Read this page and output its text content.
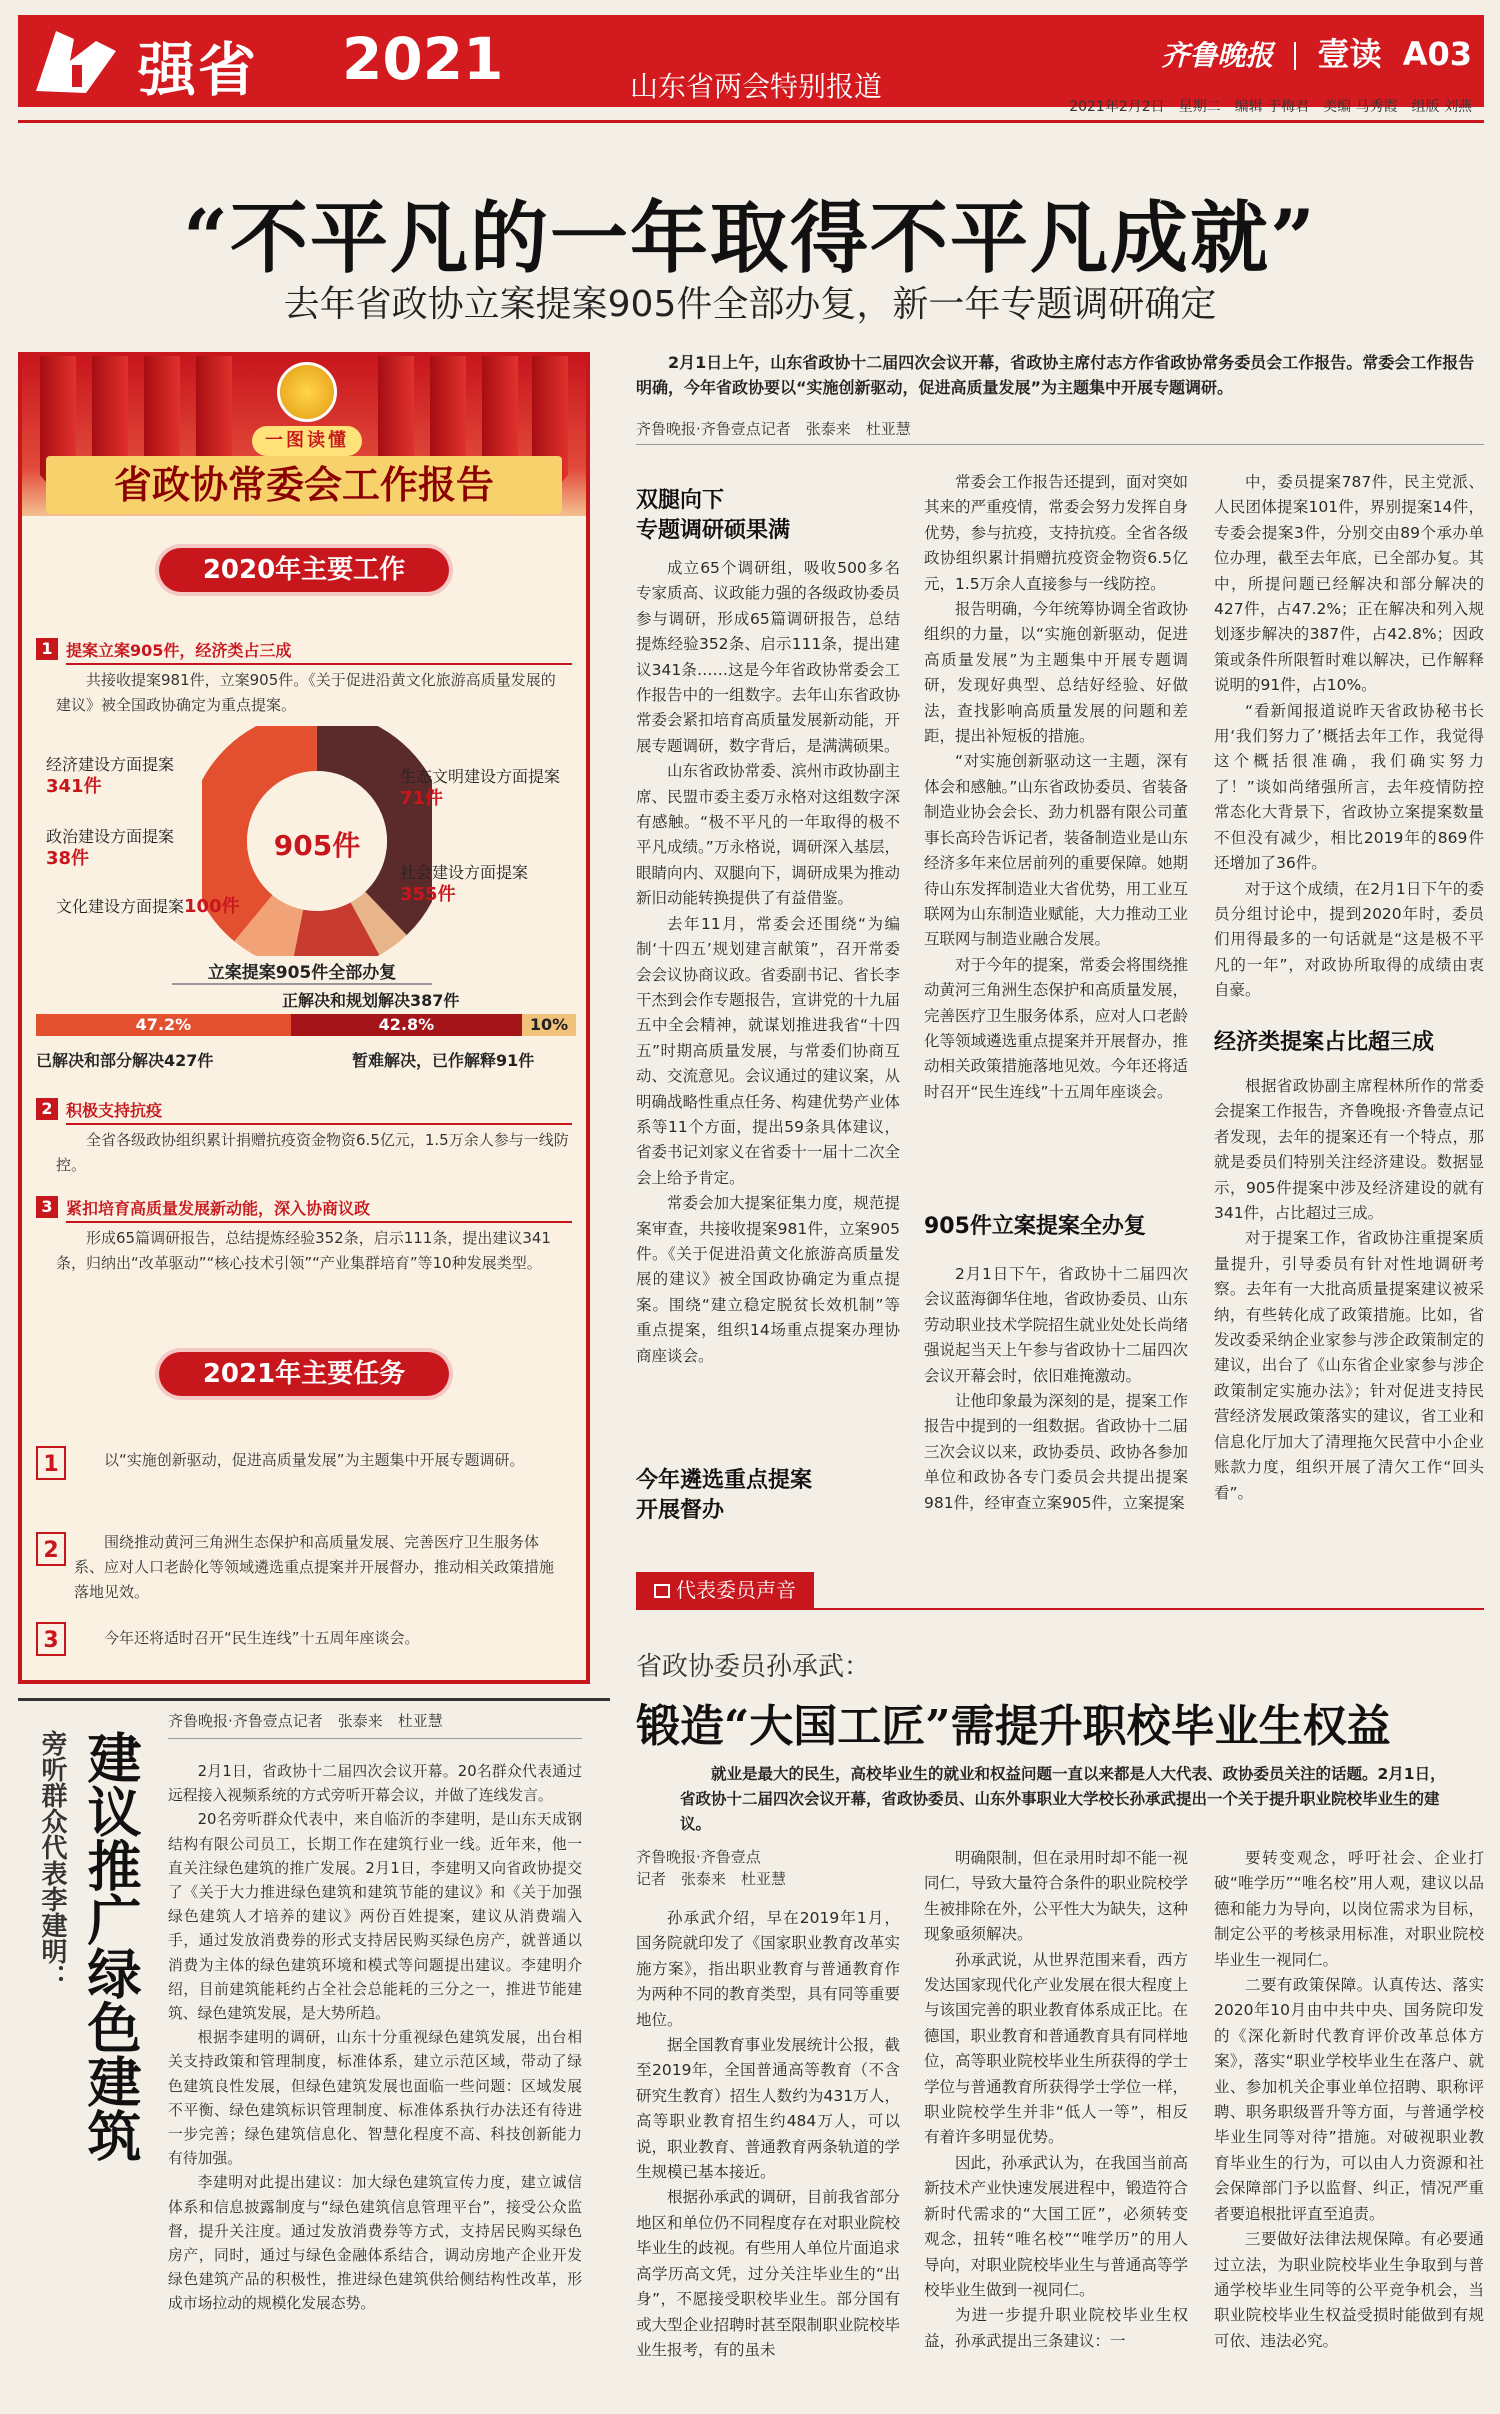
强省 2021	山东省两会特别报道
齐鲁晚报 壹读 A03
2021年2月2日　星期二　编辑 于梅君　美编 马秀霞　组版 刘燕
“不平凡的一年取得不平凡成就”
去年省政协立案提案905件全部办复，新一年专题调研确定
一图读懂
省政协常委会工作报告
2020年主要工作
1 提案立案905件，经济类占三成
共接收提案981件，立案905件。《关于促进沿黄文化旅游高质量发展的建议》被全国政协确定为重点提案。
905件
经济建设方面提案
341件
政治建设方面提案
38件
文化建设方面提案100件
生态文明建设方面提案
71件
社会建设方面提案
355件
立案提案905件全部办复
正解决和规划解决387件
47.2%	42.8%	10%
已解决和部分解决427件	暂难解决，已作解释91件
2 积极支持抗疫
全省各级政协组织累计捐赠抗疫资金物资6.5亿元，1.5万余人参与一线防控。
3 紧扣培育高质量发展新动能，深入协商议政
形成65篇调研报告，总结提炼经验352条，启示111条，提出建议341条，归纳出“改革驱动”“核心技术引领”“产业集群培育”等10种发展类型。
2021年主要任务
1	以“实施创新驱动，促进高质量发展”为主题集中开展专题调研。
2	围绕推动黄河三角洲生态保护和高质量发展、完善医疗卫生服务体系、应对人口老龄化等领域遴选重点提案并开展督办，推动相关政策措施落地见效。
3	今年还将适时召开“民生连线”十五周年座谈会。
2月1日上午，山东省政协十二届四次会议开幕，省政协主席付志方作省政协常务委员会工作报告。常委会工作报告明确，今年省政协要以“实施创新驱动，促进高质量发展”为主题集中开展专题调研。
齐鲁晚报·齐鲁壹点记者　张泰来　杜亚慧
双腿向下
专题调研硕果满

成立65个调研组，吸收500多名专家质高、议政能力强的各级政协委员参与调研，形成65篇调研报告，总结提炼经验352条、启示111条，提出建议341条……这是今年省政协常委会工作报告中的一组数字。去年山东省政协常委会紧扣培育高质量发展新动能，开展专题调研，数字背后，是满满硕果。

山东省政协常委、滨州市政协副主席、民盟市委主委万永格对这组数字深有感触。“极不平凡的一年取得的极不平凡成绩。”万永格说，调研深入基层，眼睛向内、双腿向下，调研成果为推动新旧动能转换提供了有益借鉴。

去年11月，常委会还围绕“为编制‘十四五’规划建言献策”，召开常委会会议协商议政。省委副书记、省长李干杰到会作专题报告，宣讲党的十九届五中全会精神，就谋划推进我省“十四五”时期高质量发展，与常委们协商互动、交流意见。会议通过的建议案，从明确战略性重点任务、构建优势产业体系等11个方面，提出59条具体建议，省委书记刘家义在省委十一届十二次全会上给予肯定。

常委会加大提案征集力度，规范提案审查，共接收提案981件，立案905件。《关于促进沿黄文化旅游高质量发展的建议》被全国政协确定为重点提案。围绕“建立稳定脱贫长效机制”等重点提案，组织14场重点提案办理协商座谈会。

今年遴选重点提案
开展督办

常委会工作报告还提到，面对突如其来的严重疫情，常委会努力发挥自身优势，参与抗疫，支持抗疫。全省各级政协组织累计捐赠抗疫资金物资6.5亿元，1.5万余人直接参与一线防控。

报告明确，今年统筹协调全省政协组织的力量，以“实施创新驱动，促进高质量发展”为主题集中开展专题调研，发现好典型、总结好经验、好做法，查找影响高质量发展的问题和差距，提出补短板的措施。

“对实施创新驱动这一主题，深有体会和感触。”山东省政协委员、省装备制造业协会会长、劲力机器有限公司董事长高玲告诉记者，装备制造业是山东经济多年来位居前列的重要保障。她期待山东发挥制造业大省优势，用工业互联网为山东制造业赋能，大力推动工业互联网与制造业融合发展。

对于今年的提案，常委会将围绕推动黄河三角洲生态保护和高质量发展，完善医疗卫生服务体系，应对人口老龄化等领域遴选重点提案并开展督办，推动相关政策措施落地见效。今年还将适时召开“民生连线”十五周年座谈会。

905件立案提案全办复

2月1日下午，省政协十二届四次会议蓝海御华住地，省政协委员、山东劳动职业技术学院招生就业处处长尚绪强说起当天上午参与省政协十二届四次会议开幕会时，依旧难掩激动。

让他印象最为深刻的是，提案工作报告中提到的一组数据。省政协十二届三次会议以来，政协委员、政协各参加单位和政协各专门委员会共提出提案981件，经审查立案905件，立案提案

中，委员提案787件，民主党派、人民团体提案101件，界别提案14件，专委会提案3件，分别交由89个承办单位办理，截至去年底，已全部办复。其中，所提问题已经解决和部分解决的427件，占47.2%；正在解决和列入规划逐步解决的387件，占42.8%；因政策或条件所限暂时难以解决，已作解释说明的91件，占10%。

“看新闻报道说昨天省政协秘书长用‘我们努力了’概括去年工作，我觉得这个概括很准确，我们确实努力了！”谈如尚绪强所言，去年疫情防控常态化大背景下，省政协立案提案数量不但没有减少，相比2019年的869件还增加了36件。

对于这个成绩，在2月1日下午的委员分组讨论中，提到2020年时，委员们用得最多的一句话就是“这是极不平凡的一年”，对政协所取得的成绩由衷自豪。

经济类提案占比超三成

根据省政协副主席程林所作的常委会提案工作报告，齐鲁晚报·齐鲁壹点记者发现，去年的提案还有一个特点，那就是委员们特别关注经济建设。数据显示，905件提案中涉及经济建设的就有341件，占比超过三成。

对于提案工作，省政协注重提案质量提升，引导委员有针对性地调研考察。去年有一大批高质量提案建议被采纳，有些转化成了政策措施。比如，省发改委采纳企业家参与涉企政策制定的建议，出台了《山东省企业家参与涉企政策制定实施办法》；针对促进支持民营经济发展政策落实的建议，省工业和信息化厅加大了清理拖欠民营中小企业账款力度，组织开展了清欠工作“回头看”。

旁听群众代表李建明： 建议推广绿色建筑
齐鲁晚报·齐鲁壹点记者　张泰来　杜亚慧

2月1日，省政协十二届四次会议开幕。20名群众代表通过远程接入视频系统的方式旁听开幕会议，并做了连线发言。

20名旁听群众代表中，来自临沂的李建明，是山东天成钢结构有限公司员工，长期工作在建筑行业一线。近年来，他一直关注绿色建筑的推广发展。2月1日，李建明又向省政协提交了《关于大力推进绿色建筑和建筑节能的建议》和《关于加强绿色建筑人才培养的建议》两份百姓提案，建议从消费端入手，通过发放消费券的形式支持居民购买绿色房产，就普通以消费为主体的绿色建筑环境和模式等问题提出建议。李建明介绍，目前建筑能耗约占全社会总能耗的三分之一，推进节能建筑、绿色建筑发展，是大势所趋。

根据李建明的调研，山东十分重视绿色建筑发展，出台相关支持政策和管理制度，标准体系，建立示范区域，带动了绿色建筑良性发展，但绿色建筑发展也面临一些问题：区域发展不平衡、绿色建筑标识管理制度、标准体系执行办法还有待进一步完善；绿色建筑信息化、智慧化程度不高、科技创新能力有待加强。

李建明对此提出建议：加大绿色建筑宣传力度，建立诚信体系和信息披露制度与“绿色建筑信息管理平台”，接受公众监督，提升关注度。通过发放消费券等方式，支持居民购买绿色房产，同时，通过与绿色金融体系结合，调动房地产企业开发绿色建筑产品的积极性，推进绿色建筑供给侧结构性改革，形成市场拉动的规模化发展态势。

代表委员声音
省政协委员孙承武：
锻造“大国工匠”需提升职校毕业生权益
就业是最大的民生，高校毕业生的就业和权益问题一直以来都是人大代表、政协委员关注的话题。2月1日，省政协十二届四次会议开幕，省政协委员、山东外事职业大学校长孙承武提出一个关于提升职业院校毕业生的建议。
齐鲁晚报·齐鲁壹点
记者　张泰来　杜亚慧

孙承武介绍，早在2019年1月，国务院就印发了《国家职业教育改革实施方案》，指出职业教育与普通教育作为两种不同的教育类型，具有同等重要地位。

据全国教育事业发展统计公报，截至2019年，全国普通高等教育（不含研究生教育）招生人数约为431万人，高等职业教育招生约484万人，可以说，职业教育、普通教育两条轨道的学生规模已基本接近。

根据孙承武的调研，目前我省部分地区和单位仍不同程度存在对职业院校毕业生的歧视。有些用人单位片面追求高学历高文凭，过分关注毕业生的“出身”，不愿接受职校毕业生。部分国有或大型企业招聘时甚至限制职业院校毕业生报考，有的虽未

明确限制，但在录用时却不能一视同仁，导致大量符合条件的职业院校学生被排除在外，公平性大为缺失，这种现象亟须解决。

孙承武说，从世界范围来看，西方发达国家现代化产业发展在很大程度上与该国完善的职业教育体系成正比。在德国，职业教育和普通教育具有同样地位，高等职业院校毕业生所获得的学士学位与普通教育所获得学士学位一样，职业院校学生并非“低人一等”，相反有着许多明显优势。

因此，孙承武认为，在我国当前高新技术产业快速发展进程中，锻造符合新时代需求的“大国工匠”，必须转变观念，扭转“唯名校”“唯学历”的用人导向，对职业院校毕业生与普通高等学校毕业生做到一视同仁。

为进一步提升职业院校毕业生权益，孙承武提出三条建议：一

要转变观念，呼吁社会、企业打破“唯学历”“唯名校”用人观，建议以品德和能力为导向，以岗位需求为目标，制定公平的考核录用标准，对职业院校毕业生一视同仁。

二要有政策保障。认真传达、落实2020年10月由中共中央、国务院印发的《深化新时代教育评价改革总体方案》，落实“职业学校毕业生在落户、就业、参加机关企事业单位招聘、职称评聘、职务职级晋升等方面，与普通学校毕业生同等对待”措施。对破视职业教育毕业生的行为，可以由人力资源和社会保障部门予以监督、纠正，情况严重者要追根批评直至追责。

三要做好法律法规保障。有必要通过立法，为职业院校毕业生争取到与普通学校毕业生同等的公平竞争机会，当职业院校毕业生权益受损时能做到有规可依、违法必究。
